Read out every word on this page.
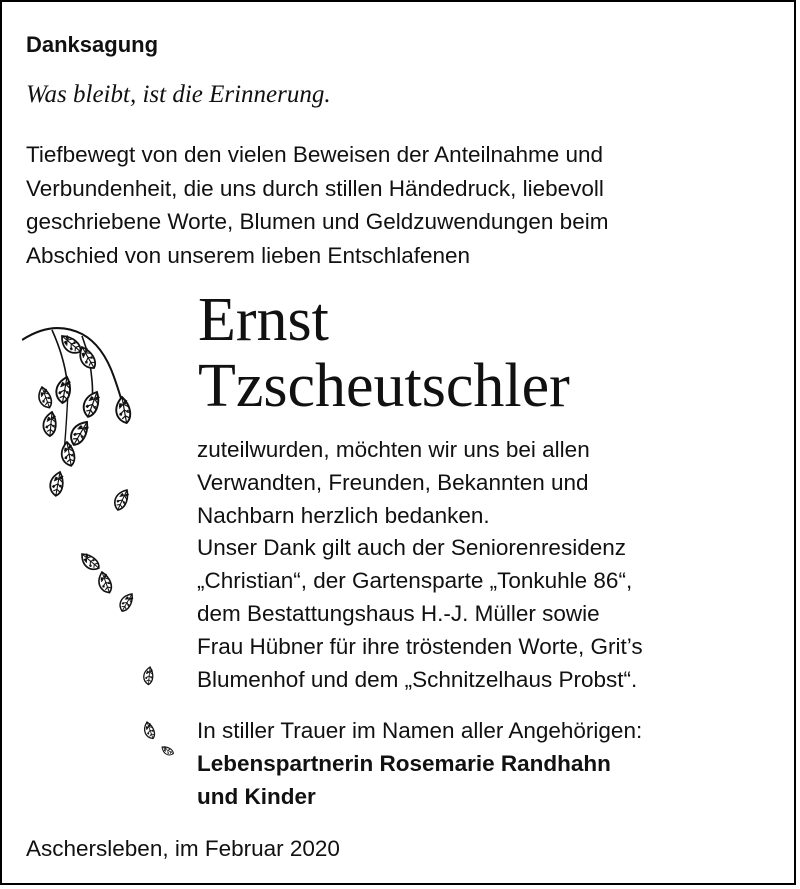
Danksagung
Was bleibt, ist die Erinnerung.
Tiefbewegt von den vielen Beweisen der Anteilnahme und
Verbundenheit, die uns durch stillen Händedruck, liebevoll
geschriebene Worte, Blumen und Geldzuwendungen beim
Abschied von unserem lieben Entschlafenen
Ernst
Tzscheutschler
zuteilwurden, möchten wir uns bei allen
Verwandten, Freunden, Bekannten und
Nachbarn herzlich bedanken.
Unser Dank gilt auch der Seniorenresidenz
„Christian“, der Gartensparte „Tonkuhle 86“,
dem Bestattungshaus H.-J. Müller sowie
Frau Hübner für ihre tröstenden Worte, Grit’s
Blumenhof und dem „Schnitzelhaus Probst“.
In stiller Trauer im Namen aller Angehörigen:
Lebenspartnerin Rosemarie Randhahn
und Kinder
Aschersleben, im Februar 2020
